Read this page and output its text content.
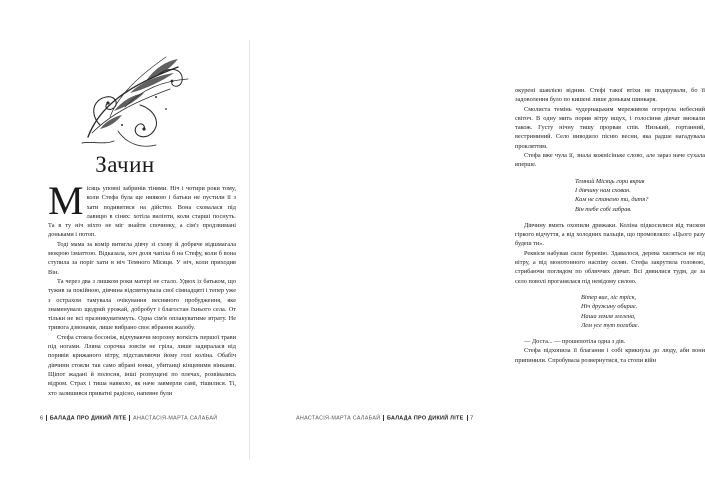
Зачин

Місяць уповні забринів тінями. Ніч і чотири роки тому, коли Стефа була ще ниякою і батьки не пустили її з хати подивитися на дійство. Вона сховалася під лавицю в сінях: хотіла виліпти, коли старші поснуть. Та в ту ніч ніхто не міг знайти спочинку, а сім'з продзвимані доньками і потоп.

Тоді мама за комір витягла дівчу зі схову й добряче відшмагала мокрою ізматтою. Відказала, хоч доля чапіла б на Стефу, коли б вона ступила за поріг хати в ніч Темного Місяця. У ніч, коли приходив Він.

Та через два з лишком роки матері не стало. Удвох із батьком, що тужив за покійною, дівчина відсвяткувала свої сімнадцяті і тепер уже з острахом тамувала очікування весняного пробудження, яке знаменувало щедрий урожай, добробут і благостан їхнього села. От тільки не всі празникуватимуть. Одна сім'я оплакуватиме втрату. Не тривога дзвонами, лише вибрано своє вбрання жалобу.

Стефа стояла босоніж, відчуваючи морозну вогкість першої трави під ногами. Лляна сорочка зовсім не гріла, лише задиралася від поривів крижаного вітру, підставляючи йому голі коліна. Обабіч дівчини стояли так само вбрані юнки, убитанці кінцевими вінками. Щіпот жадані й полосня, інші розпущені по плечах, розвівались відром. Страх і тиша навколо, як наче завмерли самі, тішилися. Ті, хто залишився приватні радісно, напевне були

6 БАЛАДА ПРО ДИКИЙ ЛІТЕ АНАСТАСІЯ-МАРТА САЛАБАЙ

окурені шавлією віднин. Стефі такої втіхи не подарували, бо її задоволення було по кишені лише донькам шинкаря.

Смолиста темінь чудернацьким мереживом огорнула небесний світоч. В одну мить порив вітру вщух, і голосіння дівчат виокали також. Густу нічну тишу прорвав спів. Низький, гортанний, вестриминий. Село виводило пісню весни, яка радше нагадувала прокляттям.

Стефа вже чула її, знала кожнісіньке слово, але зараз наче сухала вперше.

Темний Місяць гори вкрив

І дівчину нам схован.

Кам не станемо ти, дитя?

Він тебе собі забрав.

Дівчину вмить охопили дрижаки. Коліна підкосилися від тиском гіркого відчуття, а від холодних пальців, що промовляло: «Цього разу будеш ти».

Реквієм набував сили буревію. Здавалося, дерева хиляться не від вітру, а від монотонного наспіву селян. Стефа закрутила головою, стрибаючи поглядом по обличчях дівчат. Всі дивилися тудм, де за село поволі проганялася під невідому силою.

Вітер вие, ліс тріск,

Ніч дружину обирає.

Наша земля згелена,

Лем усе тут погибає.

— Доста... — прошепотіла одна з дів.

Стефа підхопила її благання і собі крикнула до люду, аби вони припинили. Спробувала розвернутися, та стопи війн

АНАСТАСІЯ-МАРТА САЛАБАЙ БАЛАДА ПРО ДИКИЙ ЛІТЕ 7
